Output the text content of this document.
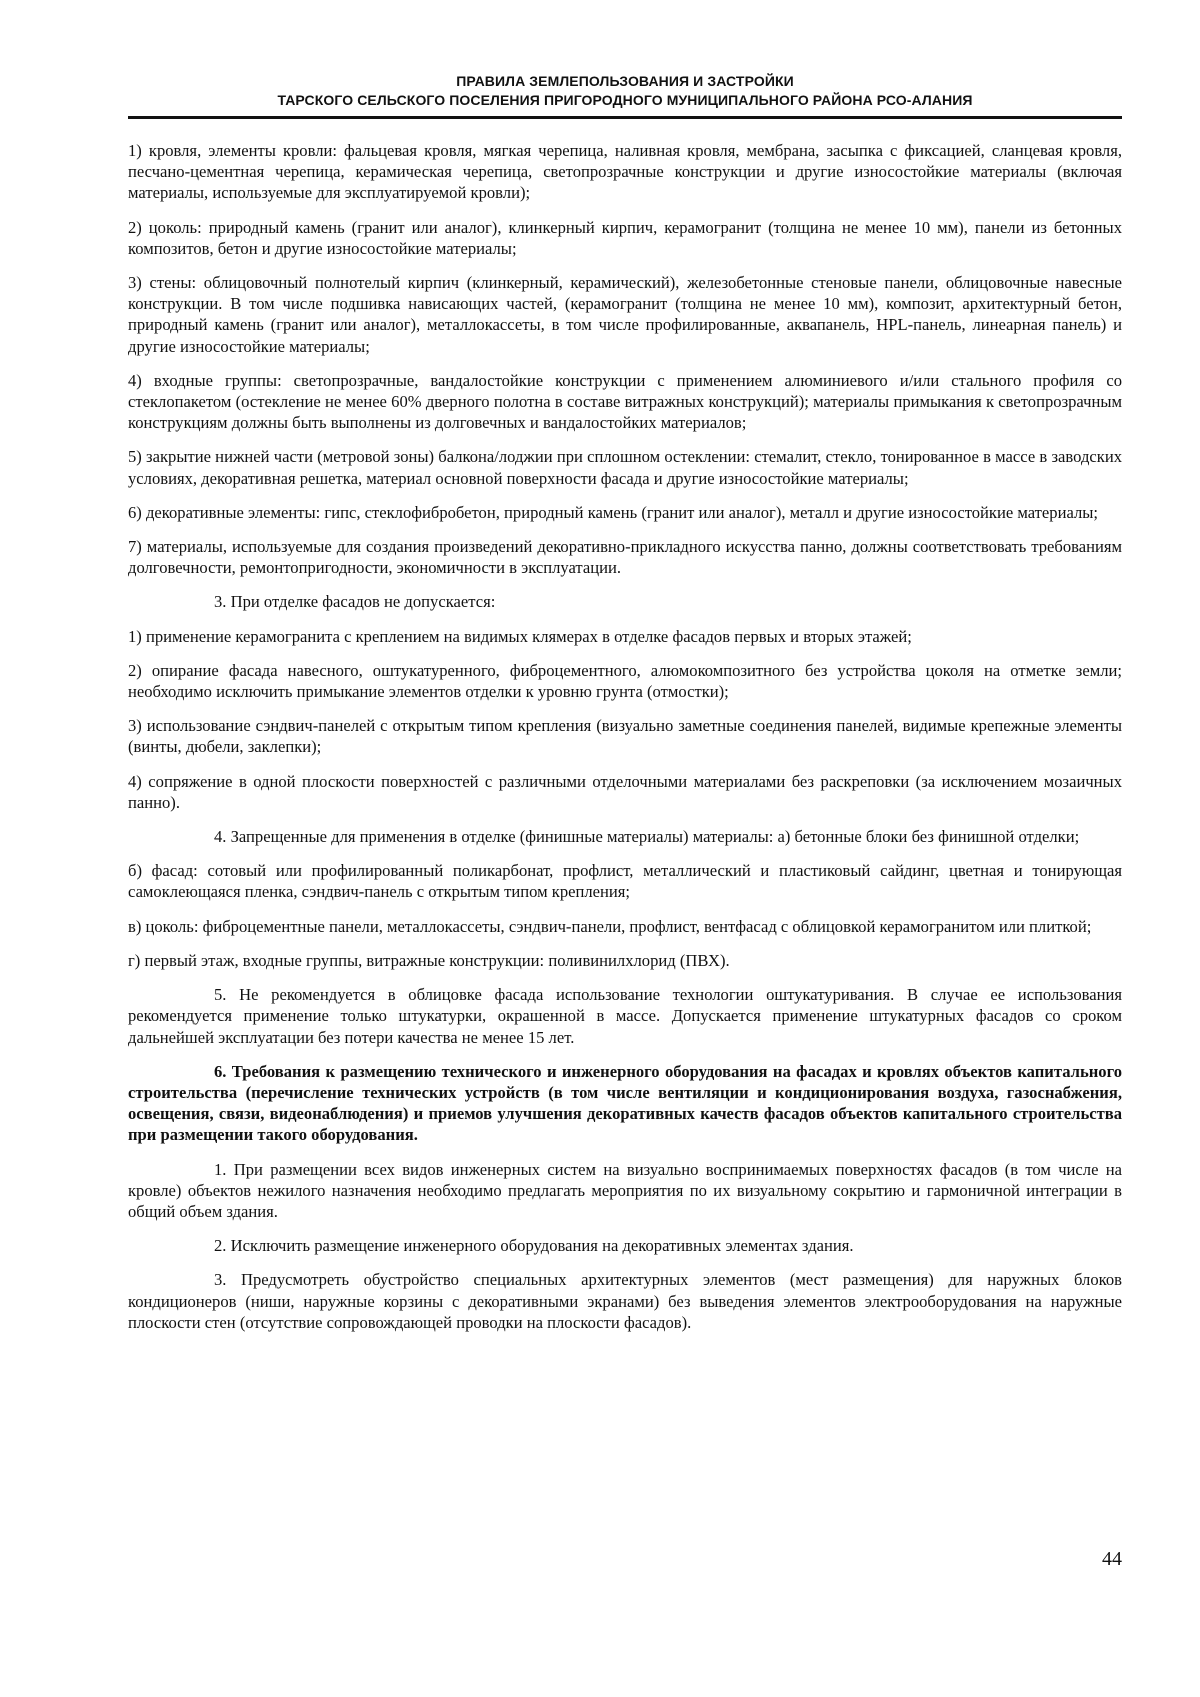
ПРАВИЛА ЗЕМЛЕПОЛЬЗОВАНИЯ И ЗАСТРОЙКИ
ТАРСКОГО СЕЛЬСКОГО ПОСЕЛЕНИЯ ПРИГОРОДНОГО МУНИЦИПАЛЬНОГО РАЙОНА РСО-АЛАНИЯ

1) кровля, элементы кровли: фальцевая кровля, мягкая черепица, наливная кровля, мембрана, засыпка с фиксацией, сланцевая кровля, песчано-цементная черепица, керамическая черепица, светопрозрачные конструкции и другие износостойкие материалы (включая материалы, используемые для эксплуатируемой кровли);

2) цоколь: природный камень (гранит или аналог), клинкерный кирпич, керамогранит (толщина не менее 10 мм), панели из бетонных композитов, бетон и другие износостойкие материалы;

3) стены: облицовочный полнотелый кирпич (клинкерный, керамический), железобетонные стеновые панели, облицовочные навесные конструкции. В том числе подшивка нависающих частей, (керамогранит (толщина не менее 10 мм), композит, архитектурный бетон, природный камень (гранит или аналог), металлокассеты, в том числе профилированные, аквапанель, HPL-панель, линеарная панель) и другие износостойкие материалы;

4) входные группы: светопрозрачные, вандалостойкие конструкции с применением алюминиевого и/или стального профиля со стеклопакетом (остекление не менее 60% дверного полотна в составе витражных конструкций); материалы примыкания к светопрозрачным конструкциям должны быть выполнены из долговечных и вандалостойких материалов;

5) закрытие нижней части (метровой зоны) балкона/лоджии при сплошном остеклении: стемалит, стекло, тонированное в массе в заводских условиях, декоративная решетка, материал основной поверхности фасада и другие износостойкие материалы;

6) декоративные элементы: гипс, стеклофибробетон, природный камень (гранит или аналог), металл и другие износостойкие материалы;

7) материалы, используемые для создания произведений декоративно-прикладного искусства панно, должны соответствовать требованиям долговечности, ремонтопригодности, экономичности в эксплуатации.

3. При отделке фасадов не допускается:

1) применение керамогранита с креплением на видимых клямерах в отделке фасадов первых и вторых этажей;

2) опирание фасада навесного, оштукатуренного, фиброцементного, алюмокомпозитного без устройства цоколя на отметке земли; необходимо исключить примыкание элементов отделки к уровню грунта (отмостки);

3) использование сэндвич-панелей с открытым типом крепления (визуально заметные соединения панелей, видимые крепежные элементы (винты, дюбели, заклепки);

4) сопряжение в одной плоскости поверхностей с различными отделочными материалами без раскреповки (за исключением мозаичных панно).

4. Запрещенные для применения в отделке (финишные материалы) материалы: а) бетонные блоки без финишной отделки;

б) фасад: сотовый или профилированный поликарбонат, профлист, металлический и пластиковый сайдинг, цветная и тонирующая самоклеющаяся пленка, сэндвич-панель с открытым типом крепления;

в) цоколь: фиброцементные панели, металлокассеты, сэндвич-панели, профлист, вентфасад с облицовкой керамогранитом или плиткой;

г) первый этаж, входные группы, витражные конструкции: поливинилхлорид (ПВХ).

5. Не рекомендуется в облицовке фасада использование технологии оштукатуривания. В случае ее использования рекомендуется применение только штукатурки, окрашенной в массе. Допускается применение штукатурных фасадов со сроком дальнейшей эксплуатации без потери качества не менее 15 лет.

6. Требования к размещению технического и инженерного оборудования на фасадах и кровлях объектов капитального строительства (перечисление технических устройств (в том числе вентиляции и кондиционирования воздуха, газоснабжения, освещения, связи, видеонаблюдения) и приемов улучшения декоративных качеств фасадов объектов капитального строительства при размещении такого оборудования.

1. При размещении всех видов инженерных систем на визуально воспринимаемых поверхностях фасадов (в том числе на кровле) объектов нежилого назначения необходимо предлагать мероприятия по их визуальному сокрытию и гармоничной интеграции в общий объем здания.

2. Исключить размещение инженерного оборудования на декоративных элементах здания.

3. Предусмотреть обустройство специальных архитектурных элементов (мест размещения) для наружных блоков кондиционеров (ниши, наружные корзины с декоративными экранами) без выведения элементов электрооборудования на наружные плоскости стен (отсутствие сопровождающей проводки на плоскости фасадов).

44
